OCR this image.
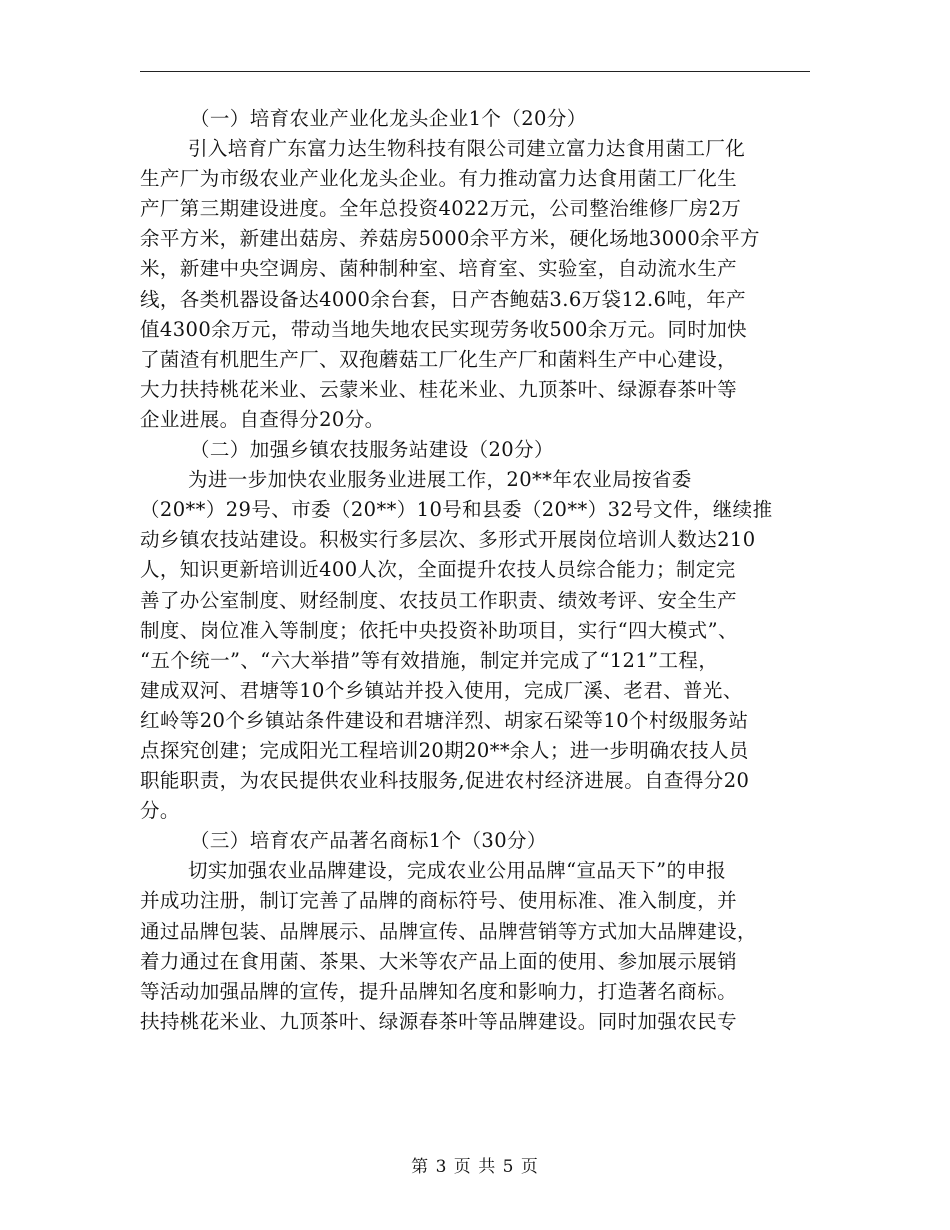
（一）培育农业产业化龙头企业1个（20分）
引入培育广东富力达生物科技有限公司建立富力达食用菌工厂化
生产厂为市级农业产业化龙头企业。有力推动富力达食用菌工厂化生
产厂第三期建设进度。全年总投资4022万元，公司整治维修厂房2万
余平方米，新建出菇房、养菇房5000余平方米，硬化场地3000余平方
米，新建中央空调房、菌种制种室、培育室、实验室，自动流水生产
线，各类机器设备达4000余台套，日产杏鲍菇3.6万袋12.6吨，年产
值4300余万元，带动当地失地农民实现劳务收500余万元。同时加快
了菌渣有机肥生产厂、双孢蘑菇工厂化生产厂和菌料生产中心建设，
大力扶持桃花米业、云蒙米业、桂花米业、九顶茶叶、绿源春茶叶等
企业进展。自查得分20分。
（二）加强乡镇农技服务站建设（20分）
为进一步加快农业服务业进展工作，20**年农业局按省委
（20**）29号、市委（20**）10号和县委（20**）32号文件，继续推
动乡镇农技站建设。积极实行多层次、多形式开展岗位培训人数达210
人，知识更新培训近400人次，全面提升农技人员综合能力；制定完
善了办公室制度、财经制度、农技员工作职责、绩效考评、安全生产
制度、岗位准入等制度；依托中央投资补助项目，实行“四大模式”、
“五个统一”、“六大举措”等有效措施，制定并完成了“121”工程，
建成双河、君塘等10个乡镇站并投入使用，完成厂溪、老君、普光、
红岭等20个乡镇站条件建设和君塘洋烈、胡家石梁等10个村级服务站
点探究创建；完成阳光工程培训20期20**余人；进一步明确农技人员
职能职责，为农民提供农业科技服务,促进农村经济进展。自查得分20
分。
（三）培育农产品著名商标1个（30分）
切实加强农业品牌建设，完成农业公用品牌“宣品天下”的申报
并成功注册，制订完善了品牌的商标符号、使用标准、准入制度，并
通过品牌包装、品牌展示、品牌宣传、品牌营销等方式加大品牌建设，
着力通过在食用菌、茶果、大米等农产品上面的使用、参加展示展销
等活动加强品牌的宣传，提升品牌知名度和影响力，打造著名商标。
扶持桃花米业、九顶茶叶、绿源春茶叶等品牌建设。同时加强农民专
第 3 页 共 5 页
